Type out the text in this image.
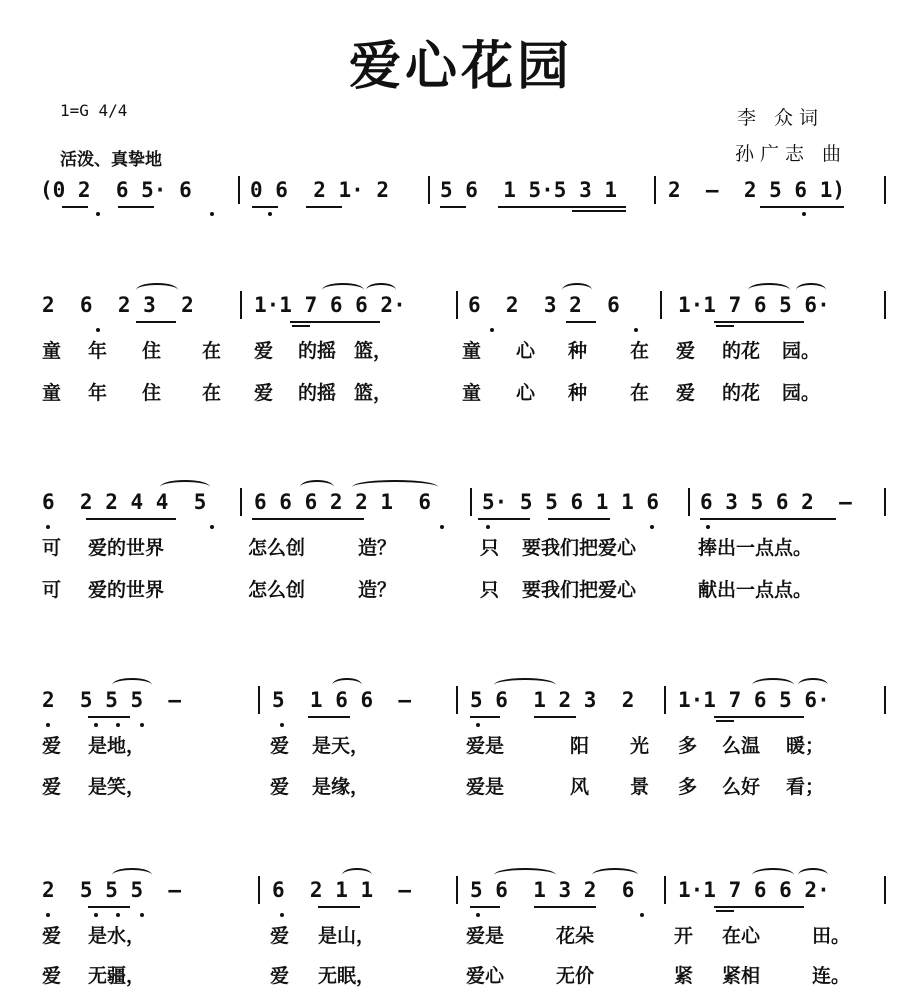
爱心花园
1=G 4/4
活泼、真挚地
李 众词
孙广志 曲
(0 2  6 5· 6	0 6  2 1· 2 5 6  1 5·5 3 1 2  –  2 5 6 1)
2  6  2 3  2	1·1 7 6 6 2·	6  2  3 2  6	1·1 7 6 5 6·
童 年 住 在 爱 的摇 篮，	童 心 种 在 爱 的花 园。
童 年 住 在 爱 的摇 篮，	童 心 种 在 爱 的花 园。
6  2 2 4 4  5 6 6 6 2 2 1  6 5· 5 5 6 1 1 6 6 3 5 6 2  –
可 爱的世界	怎么创	造？	只 要我们把爱心	捧出一点点。
可 爱的世界	怎么创	造？	只 要我们把爱心	献出一点点。
2  5 5 5  –	5  1 6 6  –	5 6  1 2 3  2 1·1 7 6 5 6·
爱 是地，	爱 是天，	爱是	阳 光 多 么温 暖；
爱 是笑，	爱 是缘，	爱是	风 景 多 么好 看；
2  5 5 5  –	6  2 1 1  –	5 6  1 3 2  6 1·1 7 6 6 2·
爱 是水，	爱 是山，	爱是	花朵	开 在心	田。
爱 无疆，	爱 无眠，	爱心	无价	紧 紧相	连。
